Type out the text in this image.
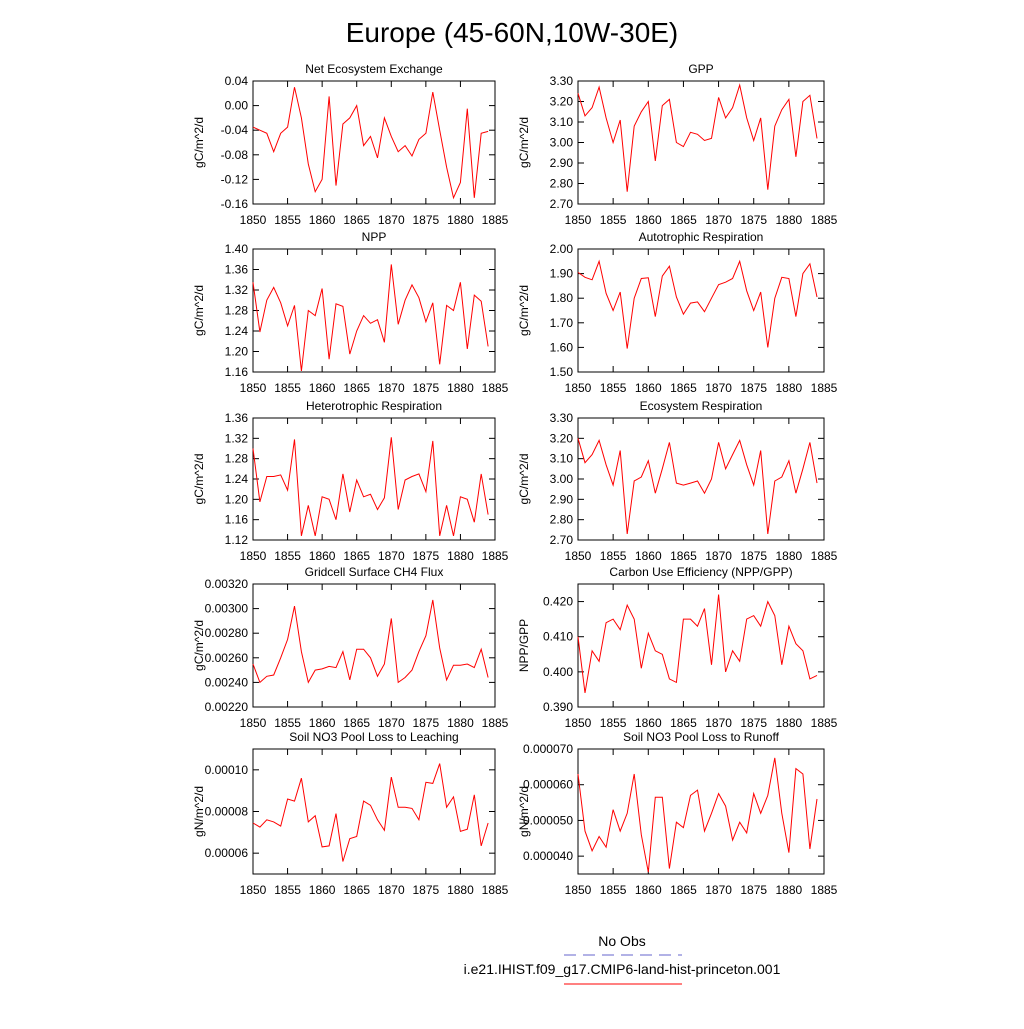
Europe (45-60N,10W-30E)
Net Ecosystem Exchange
gC/m^2/d
0.04
0.00
-0.04
-0.08
-0.12
-0.16
1850 1855 1860 1865 1870 1875 1880 1885
GPP
gC/m^2/d
3.30
3.20
3.10
3.00
2.90
2.80
2.70
1850 1855 1860 1865 1870 1875 1880 1885
NPP
gC/m^2/d
1.40
1.36
1.32
1.28
1.24
1.20
1.16
1850 1855 1860 1865 1870 1875 1880 1885
Autotrophic Respiration
gC/m^2/d
2.00
1.90
1.80
1.70
1.60
1.50
1850 1855 1860 1865 1870 1875 1880 1885
Heterotrophic Respiration
gC/m^2/d
1.36
1.32
1.28
1.24
1.20
1.16
1.12
1850 1855 1860 1865 1870 1875 1880 1885
Ecosystem Respiration
gC/m^2/d
3.30
3.20
3.10
3.00
2.90
2.80
2.70
1850 1855 1860 1865 1870 1875 1880 1885
Gridcell Surface CH4 Flux
gC/m^2/d
0.00320
0.00300
0.00280
0.00260
0.00240
0.00220
1850 1855 1860 1865 1870 1875 1880 1885
Carbon Use Efficiency (NPP/GPP)
NPP/GPP
0.420
0.410
0.400
0.390
1850 1855 1860 1865 1870 1875 1880 1885
Soil NO3 Pool Loss to Leaching
gN/m^2/d
0.00010
0.00008
0.00006
1850 1855 1860 1865 1870 1875 1880 1885
Soil NO3 Pool Loss to Runoff
gN/m^2/d
0.000070
0.000060
0.000050
0.000040
1850 1855 1860 1865 1870 1875 1880 1885
No Obs
i.e21.IHIST.f09_g17.CMIP6-land-hist-princeton.001
